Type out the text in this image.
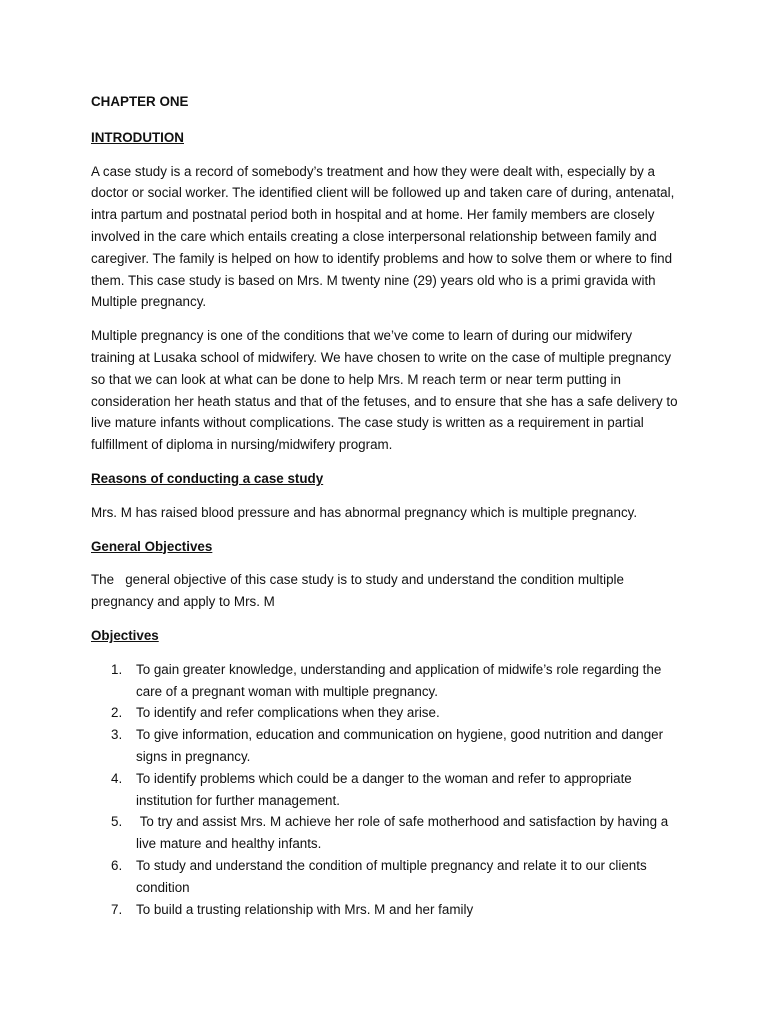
CHAPTER ONE
INTRODUTION

A case study is a record of somebody’s treatment and how they were dealt with, especially by a doctor or social worker. The identified client will be followed up and taken care of during, antenatal, intra partum and postnatal period both in hospital and at home. Her family members are closely involved in the care which entails creating a close interpersonal relationship between family and caregiver. The family is helped on how to identify problems and how to solve them or where to find them. This case study is based on Mrs. M twenty nine (29) years old who is a primi gravida with Multiple pregnancy.

Multiple pregnancy is one of the conditions that we’ve come to learn of during our midwifery training at Lusaka school of midwifery. We have chosen to write on the case of multiple pregnancy so that we can look at what can be done to help Mrs. M reach term or near term putting in consideration her heath status and that of the fetuses, and to ensure that she has a safe delivery to live mature infants without complications. The case study is written as a requirement in partial fulfillment of diploma in nursing/midwifery program.

Reasons of conducting a case study

Mrs. M has raised blood pressure and has abnormal pregnancy which is multiple pregnancy.

General Objectives

The   general objective of this case study is to study and understand the condition multiple pregnancy and apply to Mrs. M

Objectives
1.	To gain greater knowledge, understanding and application of midwife’s role regarding the care of a pregnant woman with multiple pregnancy.
2.	To identify and refer complications when they arise.
3.	To give information, education and communication on hygiene, good nutrition and danger signs in pregnancy.
4.	To identify problems which could be a danger to the woman and refer to appropriate institution for further management.
5.	To try and assist Mrs. M achieve her role of safe motherhood and satisfaction by having a live mature and healthy infants.
6.	To study and understand the condition of multiple pregnancy and relate it to our clients condition
7.	To build a trusting relationship with Mrs. M and her family
